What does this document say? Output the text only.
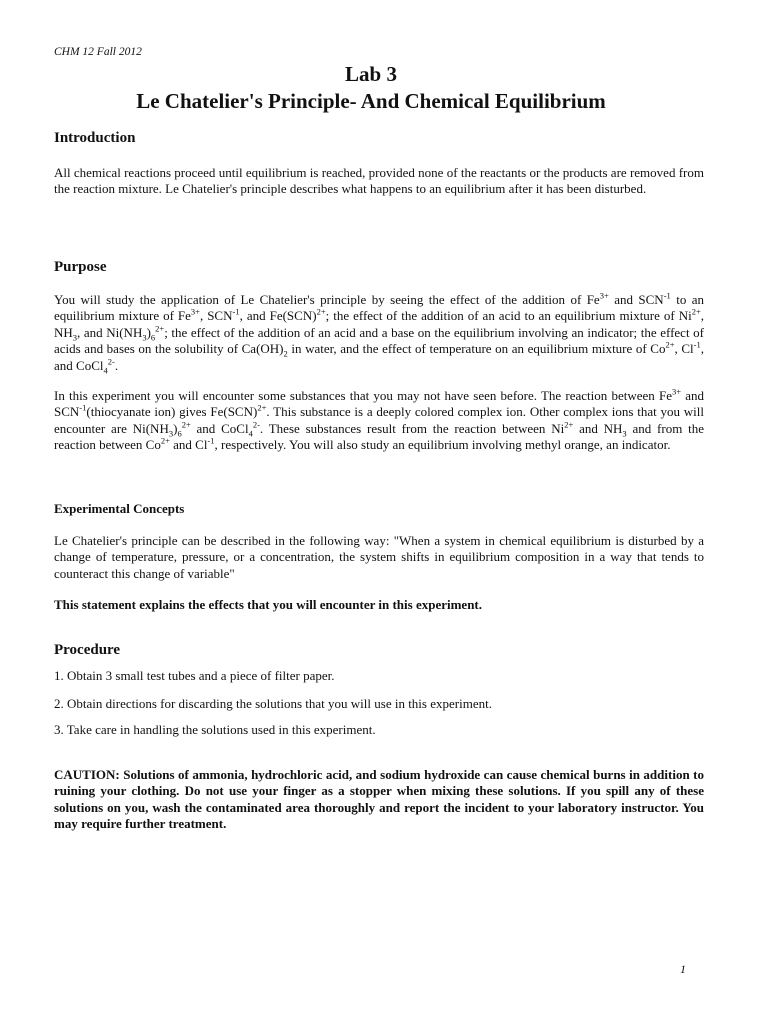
CHM 12 Fall 2012
Lab 3
Le Chatelier's Principle- And Chemical Equilibrium
Introduction

All chemical reactions proceed until equilibrium is reached, provided none of the reactants or the products are removed from the reaction mixture. Le Chatelier's principle describes what happens to an equilibrium after it has been disturbed.

Purpose

You will study the application of Le Chatelier's principle by seeing the effect of the addition of $Fe^{3+}$ and $SCN^{-1}$ to an equilibrium mixture of $Fe^{3+}$, $SCN^{-1}$, and Fe(SCN)$^{2+}$; the effect of the addition of an acid to an equilibrium mixture of $Ni^{2+}$, $NH_3$, and $Ni(NH_3)_6^{2+}$; the effect of the addition of an acid and a base on the equilibrium involving an indicator; the effect of acids and bases on the solubility of $Ca(OH)_2$ in water, and the effect of temperature on an equilibrium mixture of $Co^{2+}$, $Cl^{-1}$, and CoCl$_4^{2-}$.

In this experiment you will encounter some substances that you may not have seen before. The reaction between $Fe^{3+}$ and $SCN^{-1}(thiocyanate$ ion) gives Fe(SCN)$^{2+}$. This substance is a deeply colored complex ion. Other complex ions that you will encounter are $Ni(NH_3)_6^{2+}$ and CoCl$_4^{2-}$. These substances result from the reaction between $Ni^{2+}$ and $NH_3$ and from the reaction between $Co^{2+}$ and $Cl^{-1}$, respectively. You will also study an equilibrium involving methyl orange, an indicator.

Experimental Concepts

Le Chatelier's principle can be described in the following way: "When a system in chemical equilibrium is disturbed by a change of temperature, pressure, or a concentration, the system shifts in equilibrium composition in a way that tends to counteract this change of variable"

This statement explains the effects that you will encounter in this experiment.

Procedure

1. Obtain 3 small test tubes and a piece of filter paper.

2. Obtain directions for discarding the solutions that you will use in this experiment.

3. Take care in handling the solutions used in this experiment.

CAUTION: Solutions of ammonia, hydrochloric acid, and sodium hydroxide can cause chemical burns in addition to ruining your clothing. Do not use your finger as a stopper when mixing these solutions. If you spill any of these solutions on you, wash the contaminated area thoroughly and report the incident to your laboratory instructor. You may require further treatment.

1
